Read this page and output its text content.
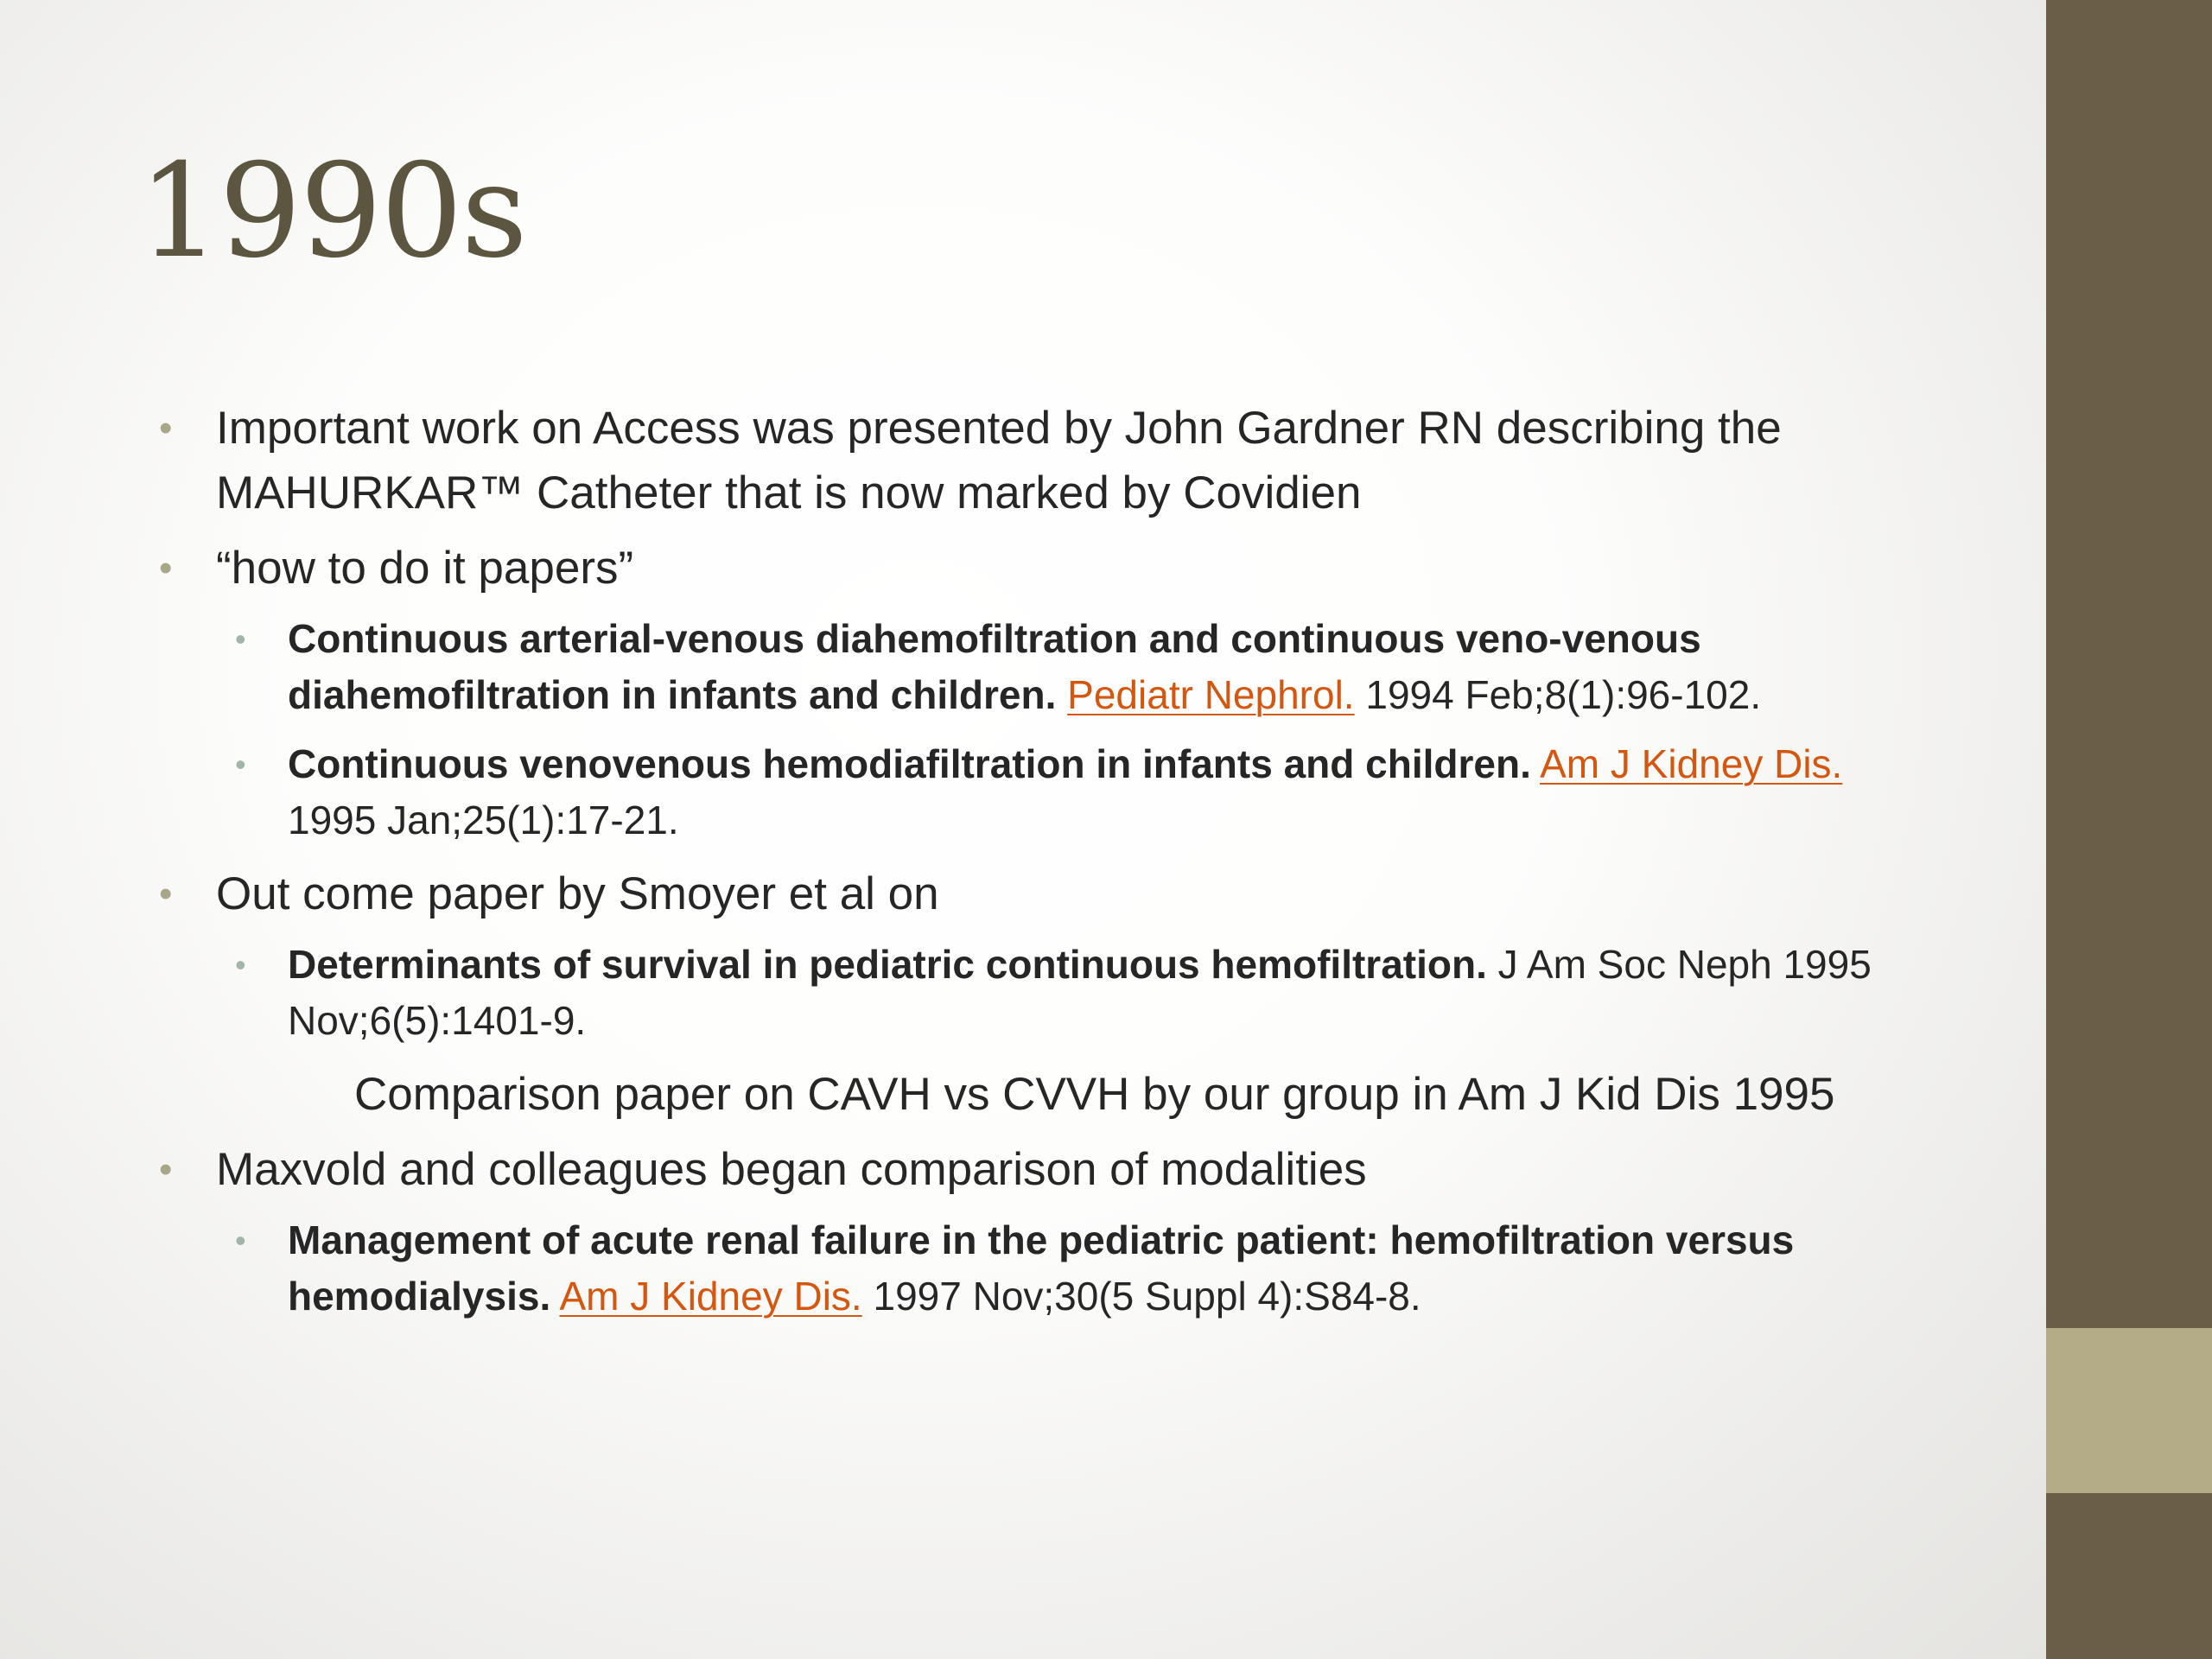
1990s
• Important work on Access was presented by John Gardner RN describing the MAHURKAR™ Catheter that is now marked by Covidien
• “how to do it papers”
• Continuous arterial-venous diahemofiltration and continuous veno-venous diahemofiltration in infants and children. Pediatr Nephrol. 1994 Feb;8(1):96-102.
• Continuous venovenous hemodiafiltration in infants and children. Am J Kidney Dis. 1995 Jan;25(1):17-21.
• Out come paper by Smoyer et al on
• Determinants of survival in pediatric continuous hemofiltration. J Am Soc Neph 1995 Nov;6(5):1401-9.
Comparison paper on CAVH vs CVVH by our group in Am J Kid Dis 1995
• Maxvold and colleagues began comparison of modalities
• Management of acute renal failure in the pediatric patient: hemofiltration versus hemodialysis. Am J Kidney Dis. 1997 Nov;30(5 Suppl 4):S84-8.
